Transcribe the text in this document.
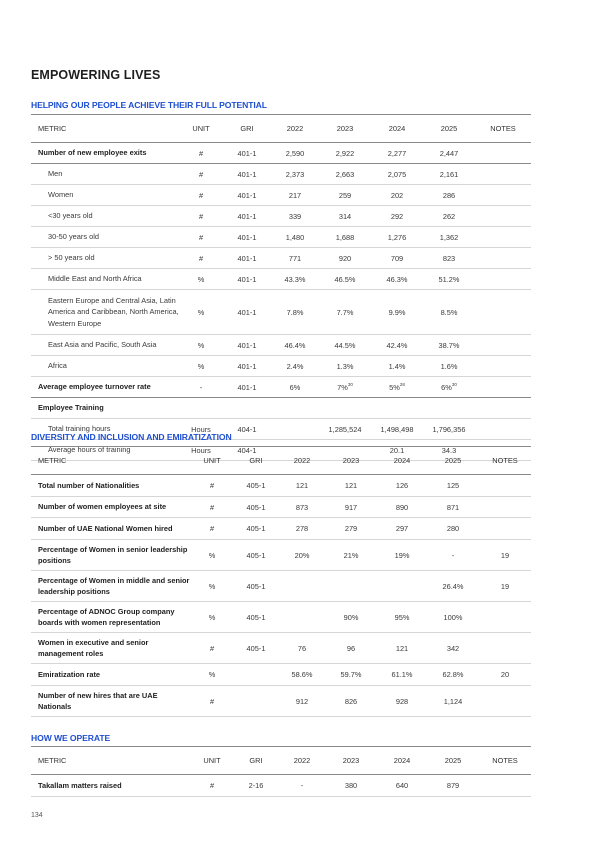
EMPOWERING LIVES
HELPING OUR PEOPLE ACHIEVE THEIR FULL POTENTIAL
METRIC	UNIT	GRI	2022	2023	2024	2025	NOTES
Number of new employee exits	#	401-1	2,590	2,922	2,277	2,447	
Men	#	401-1	2,373	2,663	2,075	2,161	
Women	#	401-1	217	259	202	286	
<30 years old	#	401-1	339	314	292	262	
30-50 years old	#	401-1	1,480	1,688	1,276	1,362	
> 50 years old	#	401-1	771	920	709	823	
Middle East and North Africa	%	401-1	43.3%	46.5%	46.3%	51.2%	
Eastern Europe and Central Asia, Latin America and Caribbean, North America, Western Europe	%	401-1	7.8%	7.7%	9.9%	8.5%	
East Asia and Pacific, South Asia	%	401-1	46.4%	44.5%	42.4%	38.7%	
Africa	%	401-1	2.4%	1.3%	1.4%	1.6%	
Average employee turnover rate	-	401-1	6%	7%$^{30}$	5%$^{28}$	6%$^{30}$	
Employee Training							
Total training hours	Hours	404-1		1,285,524	1,498,498	1,796,356	
Average hours of training	Hours	404-1			20.1	34.3	
DIVERSITY AND INCLUSION AND EMIRATIZATION
METRIC	UNIT	GRI	2022	2023	2024	2025	NOTES
Total number of Nationalities	#	405-1	121	121	126	125	
Number of women employees at site	#	405-1	873	917	890	871	
Number of UAE National Women hired	#	405-1	278	279	297	280	
Percentage of Women in senior leadership positions	%	405-1	20%	21%	19%	-	19
Percentage of Women in middle and senior leadership positions	%	405-1				26.4%	19
Percentage of ADNOC Group company boards with women representation	%	405-1		90%	95%	100%	
Women in executive and senior management roles	#	405-1	76	96	121	342	
Emiratization rate	%		58.6%	59.7%	61.1%	62.8%	20
Number of new hires that are UAE Nationals	#		912	826	928	1,124	
HOW WE OPERATE
METRIC	UNIT	GRI	2022	2023	2024	2025	NOTES
Takallam matters raised	#	2-16	-	380	640	879	
134
